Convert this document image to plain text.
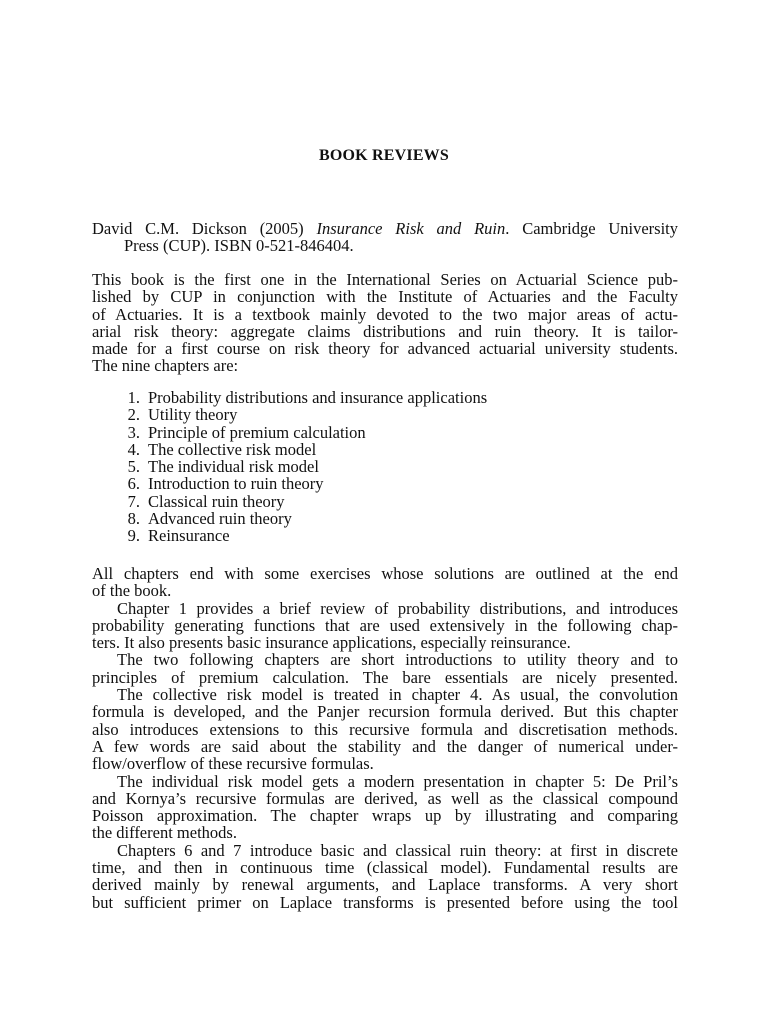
BOOK REVIEWS
David C.M. Dickson (2005) Insurance Risk and Ruin. Cambridge University
Press (CUP). ISBN 0-521-846404.
This book is the first one in the International Series on Actuarial Science pub-
lished by CUP in conjunction with the Institute of Actuaries and the Faculty
of Actuaries. It is a textbook mainly devoted to the two major areas of actu-
arial risk theory: aggregate claims distributions and ruin theory. It is tailor-
made for a first course on risk theory for advanced actuarial university students.
The nine chapters are:
1. Probability distributions and insurance applications
2. Utility theory
3. Principle of premium calculation
4. The collective risk model
5. The individual risk model
6. Introduction to ruin theory
7. Classical ruin theory
8. Advanced ruin theory
9. Reinsurance
All chapters end with some exercises whose solutions are outlined at the end
of the book.
Chapter 1 provides a brief review of probability distributions, and introduces
probability generating functions that are used extensively in the following chap-
ters. It also presents basic insurance applications, especially reinsurance.
The two following chapters are short introductions to utility theory and to
principles of premium calculation. The bare essentials are nicely presented.
The collective risk model is treated in chapter 4. As usual, the convolution
formula is developed, and the Panjer recursion formula derived. But this chapter
also introduces extensions to this recursive formula and discretisation methods.
A few words are said about the stability and the danger of numerical under-
flow/overflow of these recursive formulas.
The individual risk model gets a modern presentation in chapter 5: De Pril’s
and Kornya’s recursive formulas are derived, as well as the classical compound
Poisson approximation. The chapter wraps up by illustrating and comparing
the different methods.
Chapters 6 and 7 introduce basic and classical ruin theory: at first in discrete
time, and then in continuous time (classical model). Fundamental results are
derived mainly by renewal arguments, and Laplace transforms. A very short
but sufficient primer on Laplace transforms is presented before using the tool
